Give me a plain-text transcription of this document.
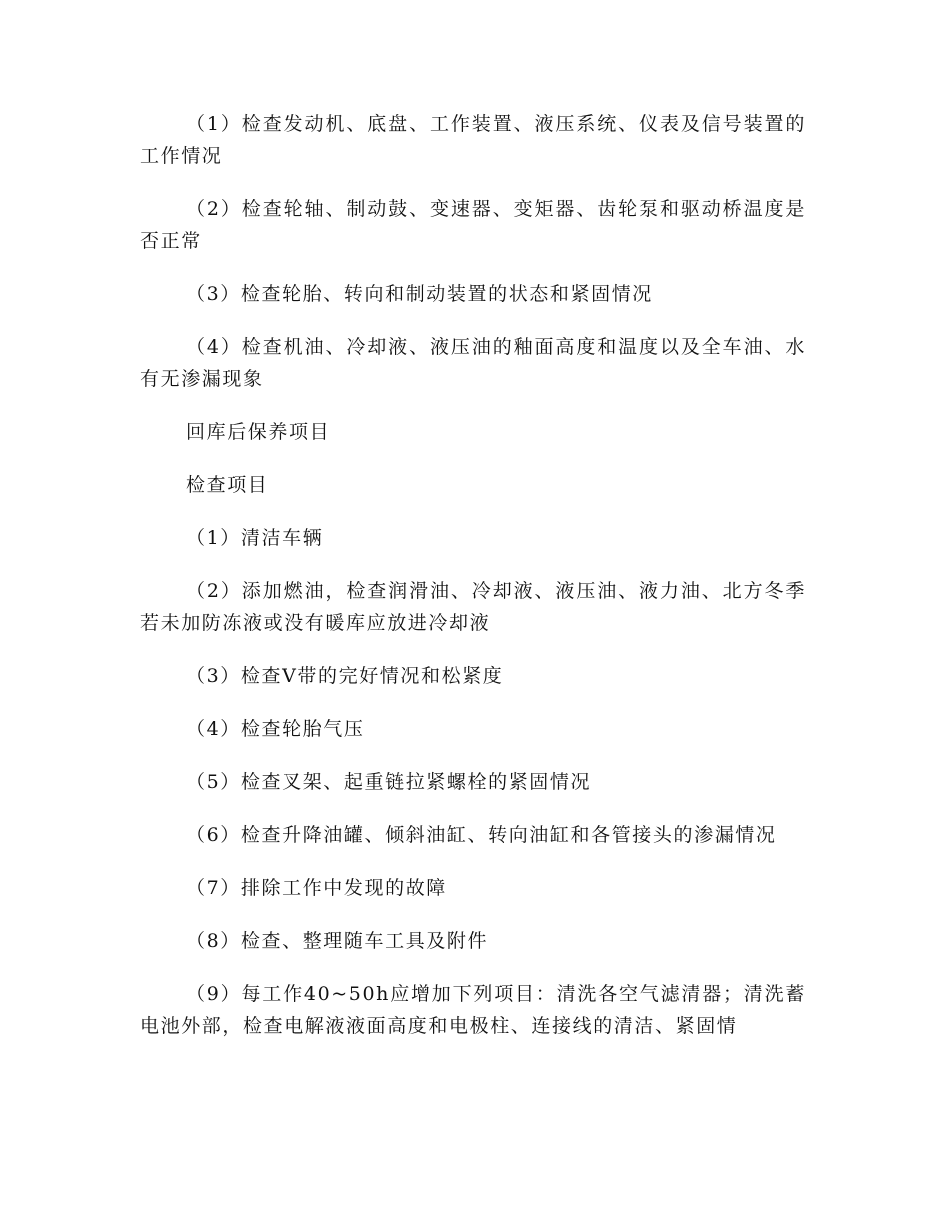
（1）检查发动机、底盘、工作装置、液压系统、仪表及信号装置的工作情况

（2）检查轮轴、制动鼓、变速器、变矩器、齿轮泵和驱动桥温度是否正常

（3）检查轮胎、转向和制动装置的状态和紧固情况

（4）检查机油、冷却液、液压油的釉面高度和温度以及全车油、水有无渗漏现象

回库后保养项目

检查项目

（1）清洁车辆

（2）添加燃油，检查润滑油、冷却液、液压油、液力油、北方冬季若未加防冻液或没有暖库应放进冷却液

（3）检查V带的完好情况和松紧度

（4）检查轮胎气压

（5）检查叉架、起重链拉紧螺栓的紧固情况

（6）检查升降油罐、倾斜油缸、转向油缸和各管接头的渗漏情况

（7）排除工作中发现的故障

（8）检查、整理随车工具及附件

（9）每工作40~50h应增加下列项目：清洗各空气滤清器；清洗蓄电池外部，检查电解液液面高度和电极柱、连接线的清洁、紧固情
